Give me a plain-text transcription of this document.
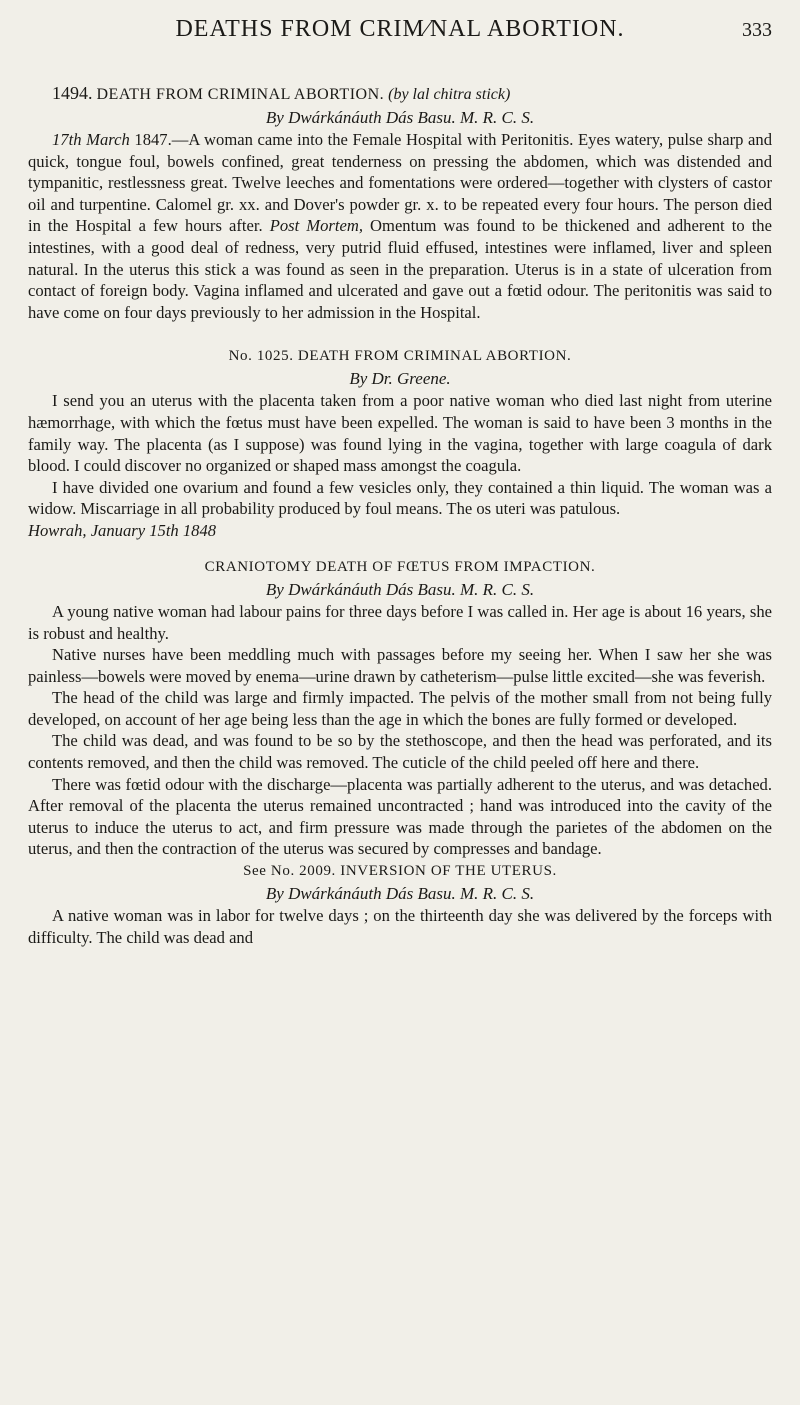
DEATHS FROM CRIM∕NAL ABORTION.	333

1494. DEATH FROM CRIMINAL ABORTION. (by lal chitra stick)

By Dwárkánáuth Dás Basu. M. R. C. S.

17th March 1847.—A woman came into the Female Hospital with Peritonitis. Eyes watery, pulse sharp and quick, tongue foul, bowels confined, great tenderness on pressing the abdomen, which was distended and tympanitic, restlessness great. Twelve leeches and fomentations were ordered—together with clysters of castor oil and turpentine. Calomel gr. xx. and Dover's powder gr. x. to be repeated every four hours. The person died in the Hospital a few hours after. Post Mortem, Omentum was found to be thickened and adherent to the intestines, with a good deal of redness, very putrid fluid effused, intestines were inflamed, liver and spleen natural. In the uterus this stick a was found as seen in the preparation. Uterus is in a state of ulceration from contact of foreign body. Vagina inflamed and ulcerated and gave out a fœtid odour. The peritonitis was said to have come on four days previously to her admission in the Hospital.

No. 1025. DEATH FROM CRIMINAL ABORTION.

By Dr. Greene.

I send you an uterus with the placenta taken from a poor native woman who died last night from uterine hæmorrhage, with which the fœtus must have been expelled. The woman is said to have been 3 months in the family way. The placenta (as I suppose) was found lying in the vagina, together with large coagula of dark blood. I could discover no organized or shaped mass amongst the coagula.

I have divided one ovarium and found a few vesicles only, they contained a thin liquid. The woman was a widow. Miscarriage in all probability produced by foul means. The os uteri was patulous.

Howrah, January 15th 1848

CRANIOTOMY DEATH OF FŒTUS FROM IMPACTION.

By Dwárkánáuth Dás Basu. M. R. C. S.

A young native woman had labour pains for three days before I was called in. Her age is about 16 years, she is robust and healthy.

Native nurses have been meddling much with passages before my seeing her. When I saw her she was painless—bowels were moved by enema—urine drawn by catheterism—pulse little excited—she was feverish.

The head of the child was large and firmly impacted. The pelvis of the mother small from not being fully developed, on account of her age being less than the age in which the bones are fully formed or developed.

The child was dead, and was found to be so by the stethoscope, and then the head was perforated, and its contents removed, and then the child was removed. The cuticle of the child peeled off here and there.

There was fœtid odour with the discharge—placenta was partially adherent to the uterus, and was detached. After removal of the placenta the uterus remained uncontracted ; hand was introduced into the cavity of the uterus to induce the uterus to act, and firm pressure was made through the parietes of the abdomen on the uterus, and then the contraction of the uterus was secured by compresses and bandage.

See No. 2009. INVERSION OF THE UTERUS.

By Dwárkánáuth Dás Basu. M. R. C. S.

A native woman was in labor for twelve days ; on the thirteenth day she was delivered by the forceps with difficulty. The child was dead and
